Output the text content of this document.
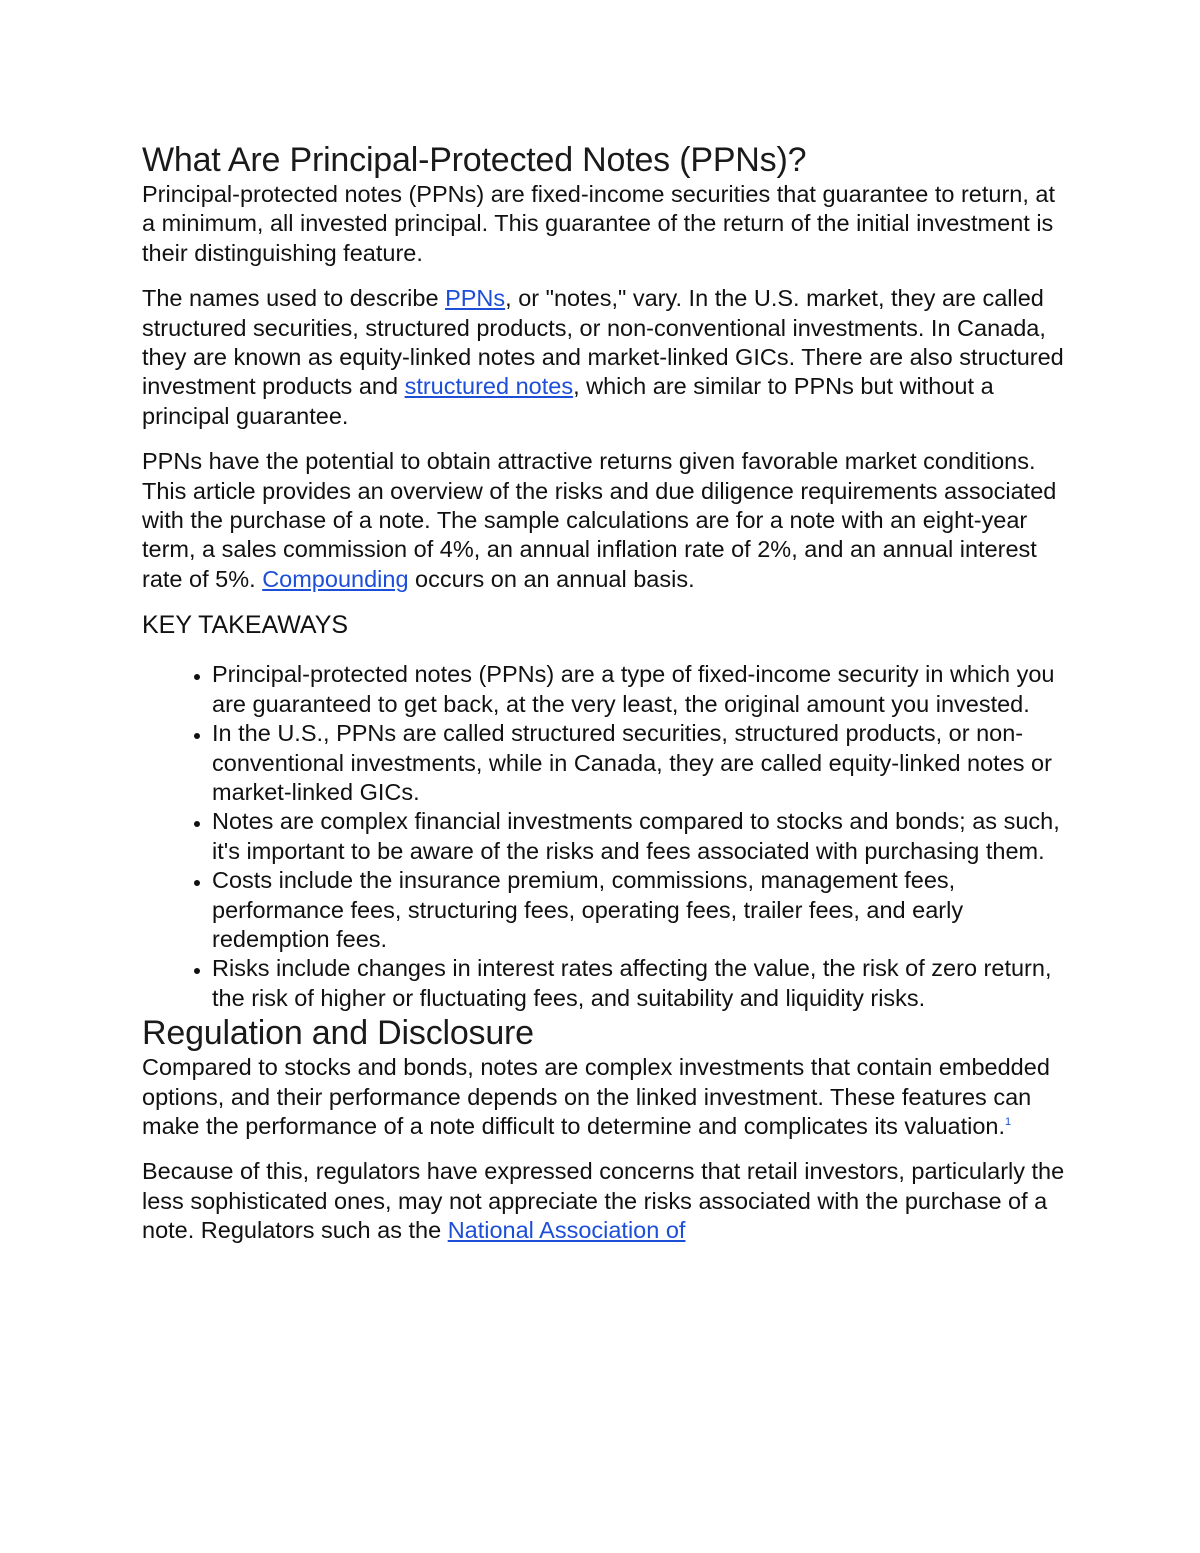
What Are Principal-Protected Notes (PPNs)?

Principal-protected notes (PPNs) are fixed-income securities that guarantee to return, at a minimum, all invested principal. This guarantee of the return of the initial investment is their distinguishing feature.

The names used to describe PPNs, or "notes," vary. In the U.S. market, they are called structured securities, structured products, or non-conventional investments. In Canada, they are known as equity-linked notes and market-linked GICs. There are also structured investment products and structured notes, which are similar to PPNs but without a principal guarantee.

PPNs have the potential to obtain attractive returns given favorable market conditions. This article provides an overview of the risks and due diligence requirements associated with the purchase of a note. The sample calculations are for a note with an eight-year term, a sales commission of 4%, an annual inflation rate of 2%, and an annual interest rate of 5%. Compounding occurs on an annual basis.

KEY TAKEAWAYS
• Principal-protected notes (PPNs) are a type of fixed-income security in which you are guaranteed to get back, at the very least, the original amount you invested.
• In the U.S., PPNs are called structured securities, structured products, or non-conventional investments, while in Canada, they are called equity-linked notes or market-linked GICs.
• Notes are complex financial investments compared to stocks and bonds; as such, it's important to be aware of the risks and fees associated with purchasing them.
• Costs include the insurance premium, commissions, management fees, performance fees, structuring fees, operating fees, trailer fees, and early redemption fees.
• Risks include changes in interest rates affecting the value, the risk of zero return, the risk of higher or fluctuating fees, and suitability and liquidity risks.
Regulation and Disclosure

Compared to stocks and bonds, notes are complex investments that contain embedded options, and their performance depends on the linked investment. These features can make the performance of a note difficult to determine and complicates its valuation.$^1$

Because of this, regulators have expressed concerns that retail investors, particularly the less sophisticated ones, may not appreciate the risks associated with the purchase of a note. Regulators such as the National Association of
